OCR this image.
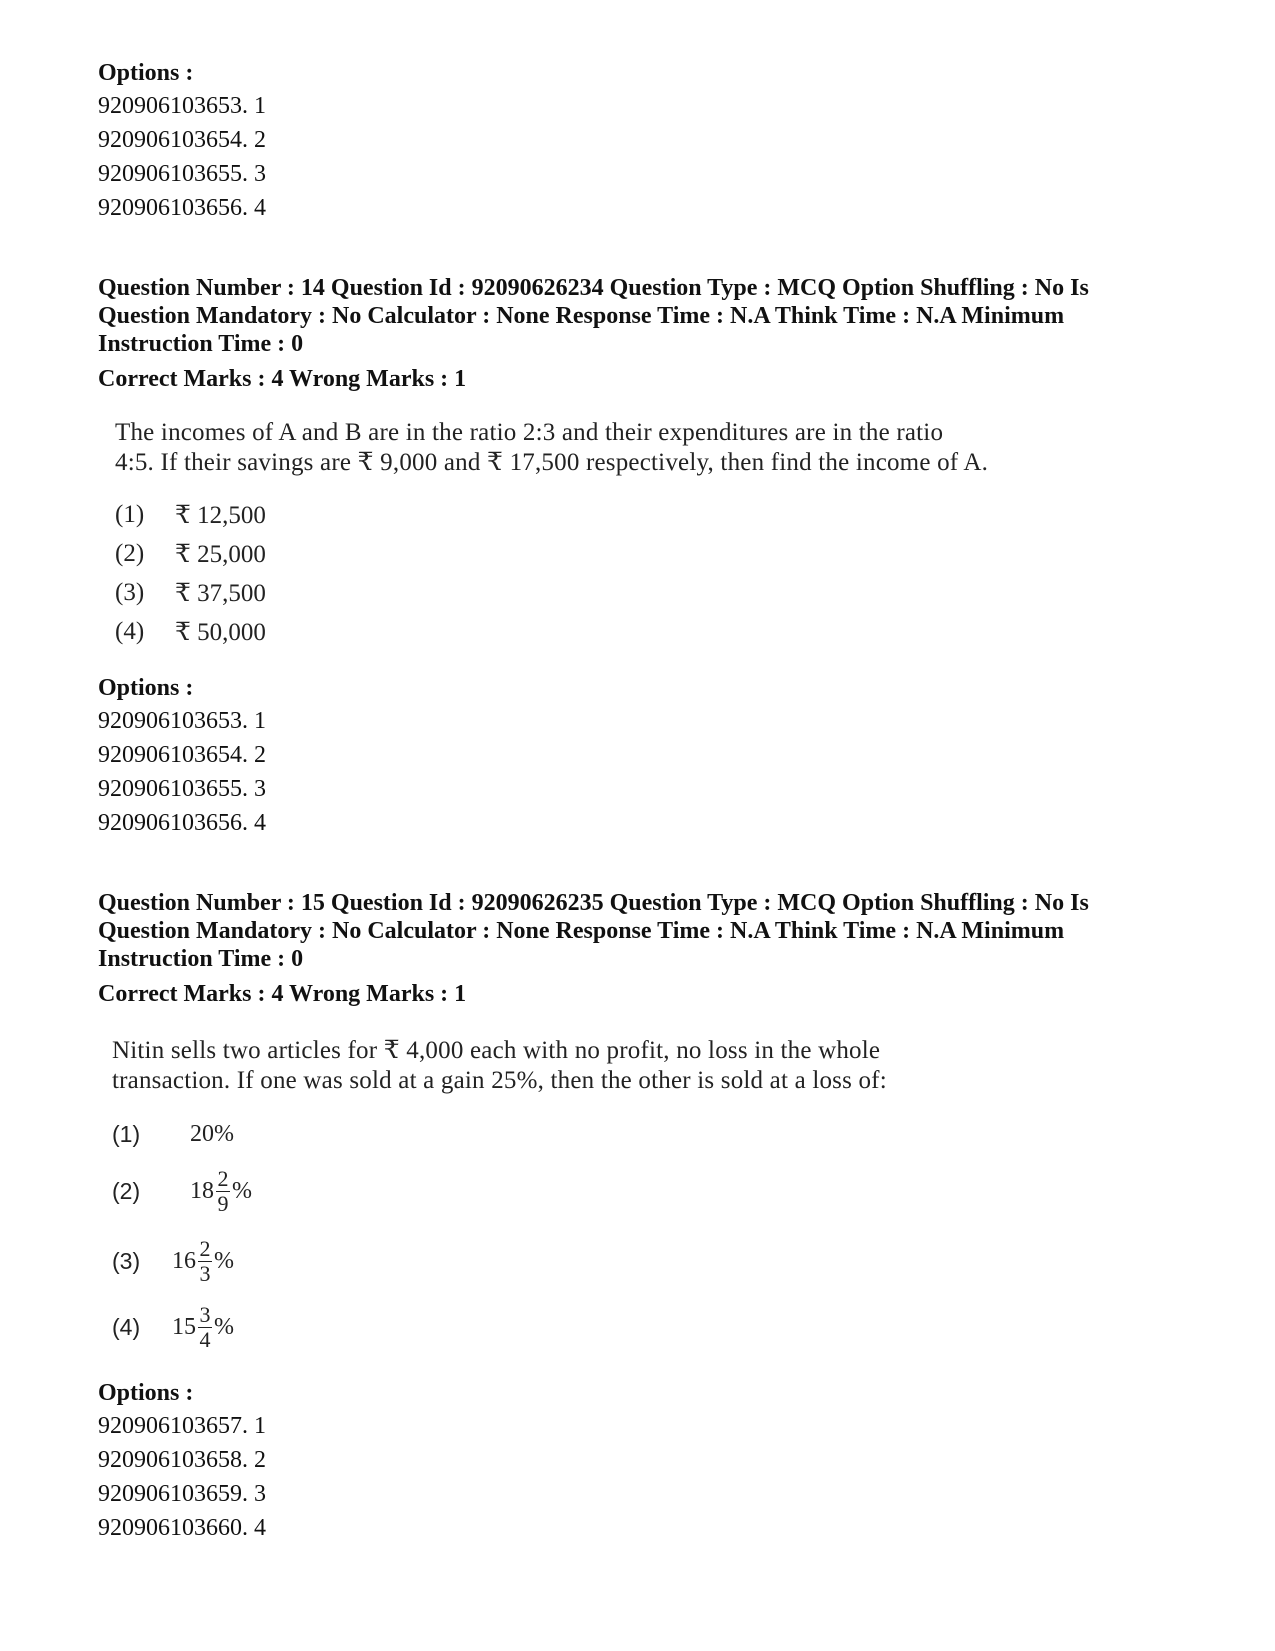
Options :

920906103653. 1

920906103654. 2

920906103655. 3

920906103656. 4

Question Number : 14 Question Id : 92090626234 Question Type : MCQ Option Shuffling : No Is Question Mandatory : No Calculator : None Response Time : N.A Think Time : N.A Minimum Instruction Time : 0

Correct Marks : 4 Wrong Marks : 1

The incomes of A and B are in the ratio 2:3 and their expenditures are in the ratio
4:5. If their savings are ₹ 9,000 and ₹ 17,500 respectively, then find the income of A.
(1)	₹ 12,500
(2)	₹ 25,000
(3)	₹ 37,500
(4)	₹ 50,000

Options :

920906103653. 1

920906103654. 2

920906103655. 3

920906103656. 4

Question Number : 15 Question Id : 92090626235 Question Type : MCQ Option Shuffling : No Is Question Mandatory : No Calculator : None Response Time : N.A Think Time : N.A Minimum Instruction Time : 0

Correct Marks : 4 Wrong Marks : 1

Nitin sells two articles for ₹ 4,000 each with no profit, no loss in the whole
transaction. If one was sold at a gain 25%, then the other is sold at a loss of:
(1)	20%
(2)	$18 \frac{2}{9}$ %
(3)	$16 \frac{2}{3}$ %
(4)	$15 \frac{3}{4}$ %

Options :

920906103657. 1

920906103658. 2

920906103659. 3

920906103660. 4
